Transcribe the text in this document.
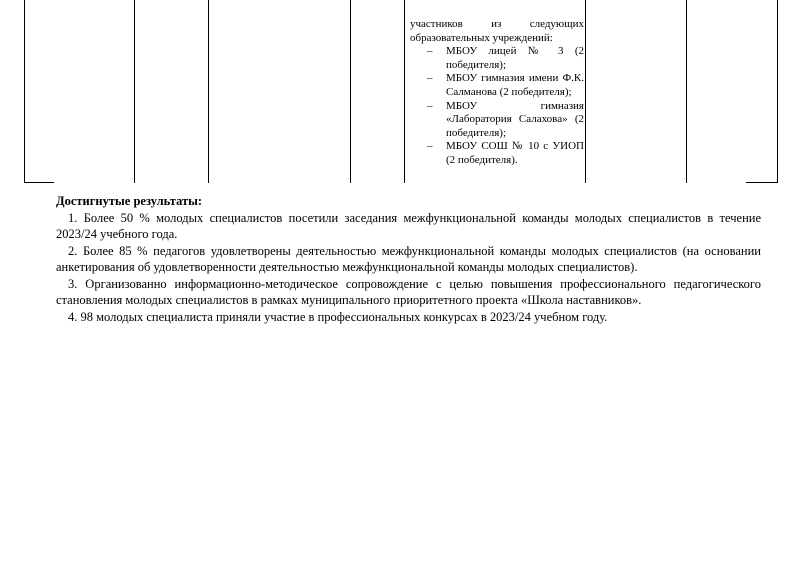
участников из следующих образовательных учреждений:

– МБОУ лицей № 3 (2 победителя);
– МБОУ гимназия имени Ф.К. Салманова (2 победителя);
– МБОУ гимназия «Лаборатория Салахова» (2 победителя);
– МБОУ СОШ № 10 с УИОП (2 победителя).

Достигнутые результаты:

1. Более 50 % молодых специалистов посетили заседания межфункциональной команды молодых специалистов в течение 2023/24 учебного года.

2. Более 85 % педагогов удовлетворены деятельностью межфункциональной команды молодых специалистов (на основании анкетирования об удовлетворенности деятельностью межфункциональной команды молодых специалистов).

3. Организованно информационно-методическое сопровождение с целью повышения профессионального педагогического становления молодых специалистов в рамках муниципального приоритетного проекта «Школа наставников».

4. 98 молодых специалиста приняли участие в профессиональных конкурсах в 2023/24 учебном году.
